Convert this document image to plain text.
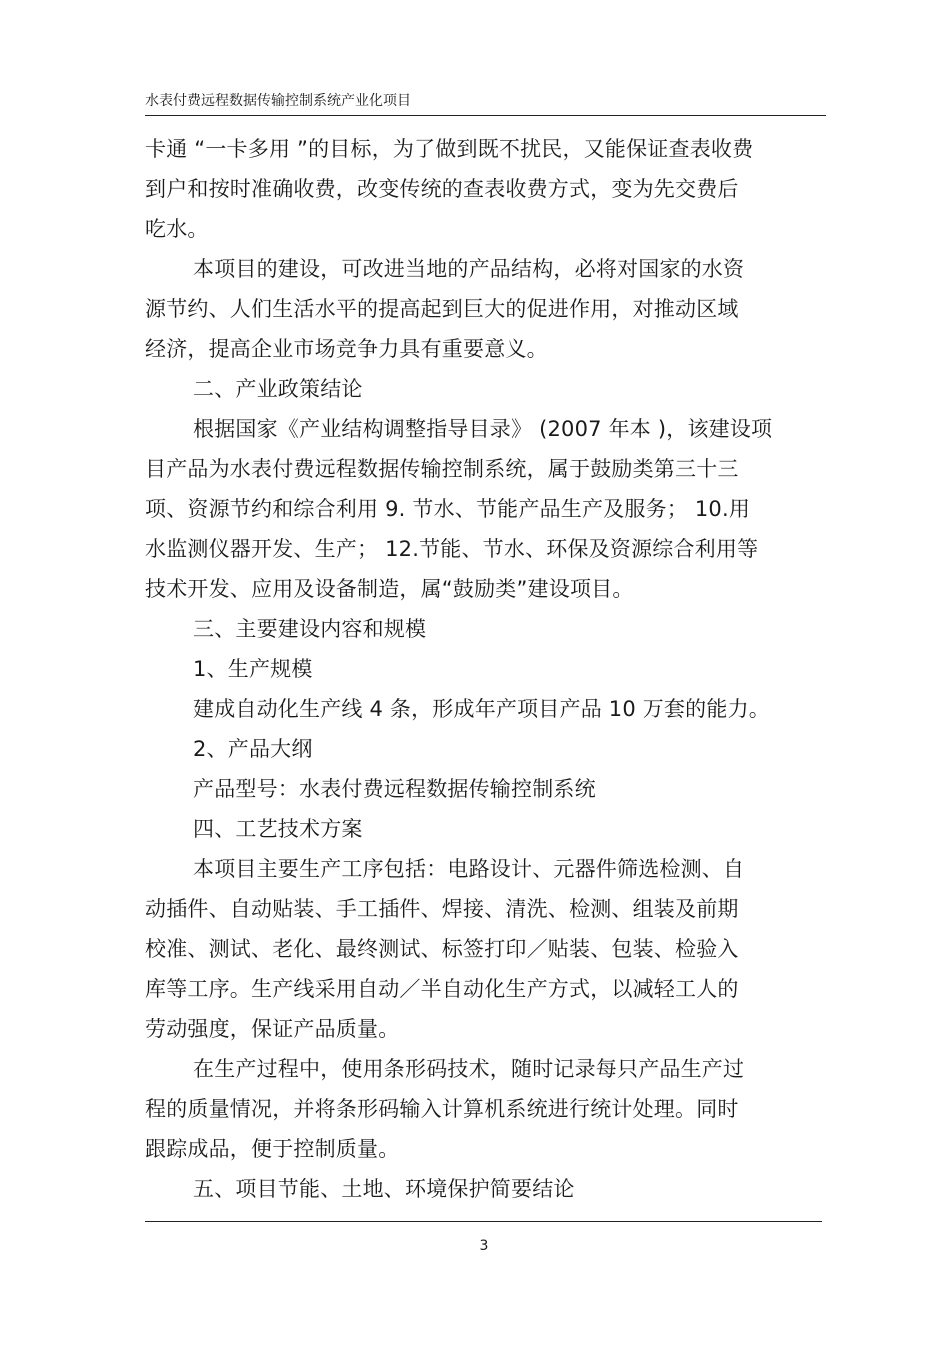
水表付费远程数据传输控制系统产业化项目
卡通 “一卡多用 ”的目标，为了做到既不扰民，又能保证查表收费
到户和按时准确收费，改变传统的查表收费方式，变为先交费后
吃水。
本项目的建设，可改进当地的产品结构，必将对国家的水资
源节约、人们生活水平的提高起到巨大的促进作用，对推动区域
经济，提高企业市场竞争力具有重要意义。
二、产业政策结论
根据国家《产业结构调整指导目录》 (2007 年本 )，该建设项
目产品为水表付费远程数据传输控制系统，属于鼓励类第三十三
项、资源节约和综合利用 9. 节水、节能产品生产及服务； 10.用
水监测仪器开发、生产； 12.节能、节水、环保及资源综合利用等
技术开发、应用及设备制造，属“鼓励类”建设项目。
三、主要建设内容和规模
1、生产规模
建成自动化生产线 4 条，形成年产项目产品 10 万套的能力。
2、产品大纲
产品型号：水表付费远程数据传输控制系统
四、工艺技术方案
本项目主要生产工序包括：电路设计、元器件筛选检测、自
动插件、自动贴装、手工插件、焊接、清洗、检测、组装及前期
校准、测试、老化、最终测试、标签打印／贴装、包装、检验入
库等工序。生产线采用自动／半自动化生产方式，以减轻工人的
劳动强度，保证产品质量。
在生产过程中，使用条形码技术，随时记录每只产品生产过
程的质量情况，并将条形码输入计算机系统进行统计处理。同时
跟踪成品，便于控制质量。
五、项目节能、土地、环境保护简要结论
3
